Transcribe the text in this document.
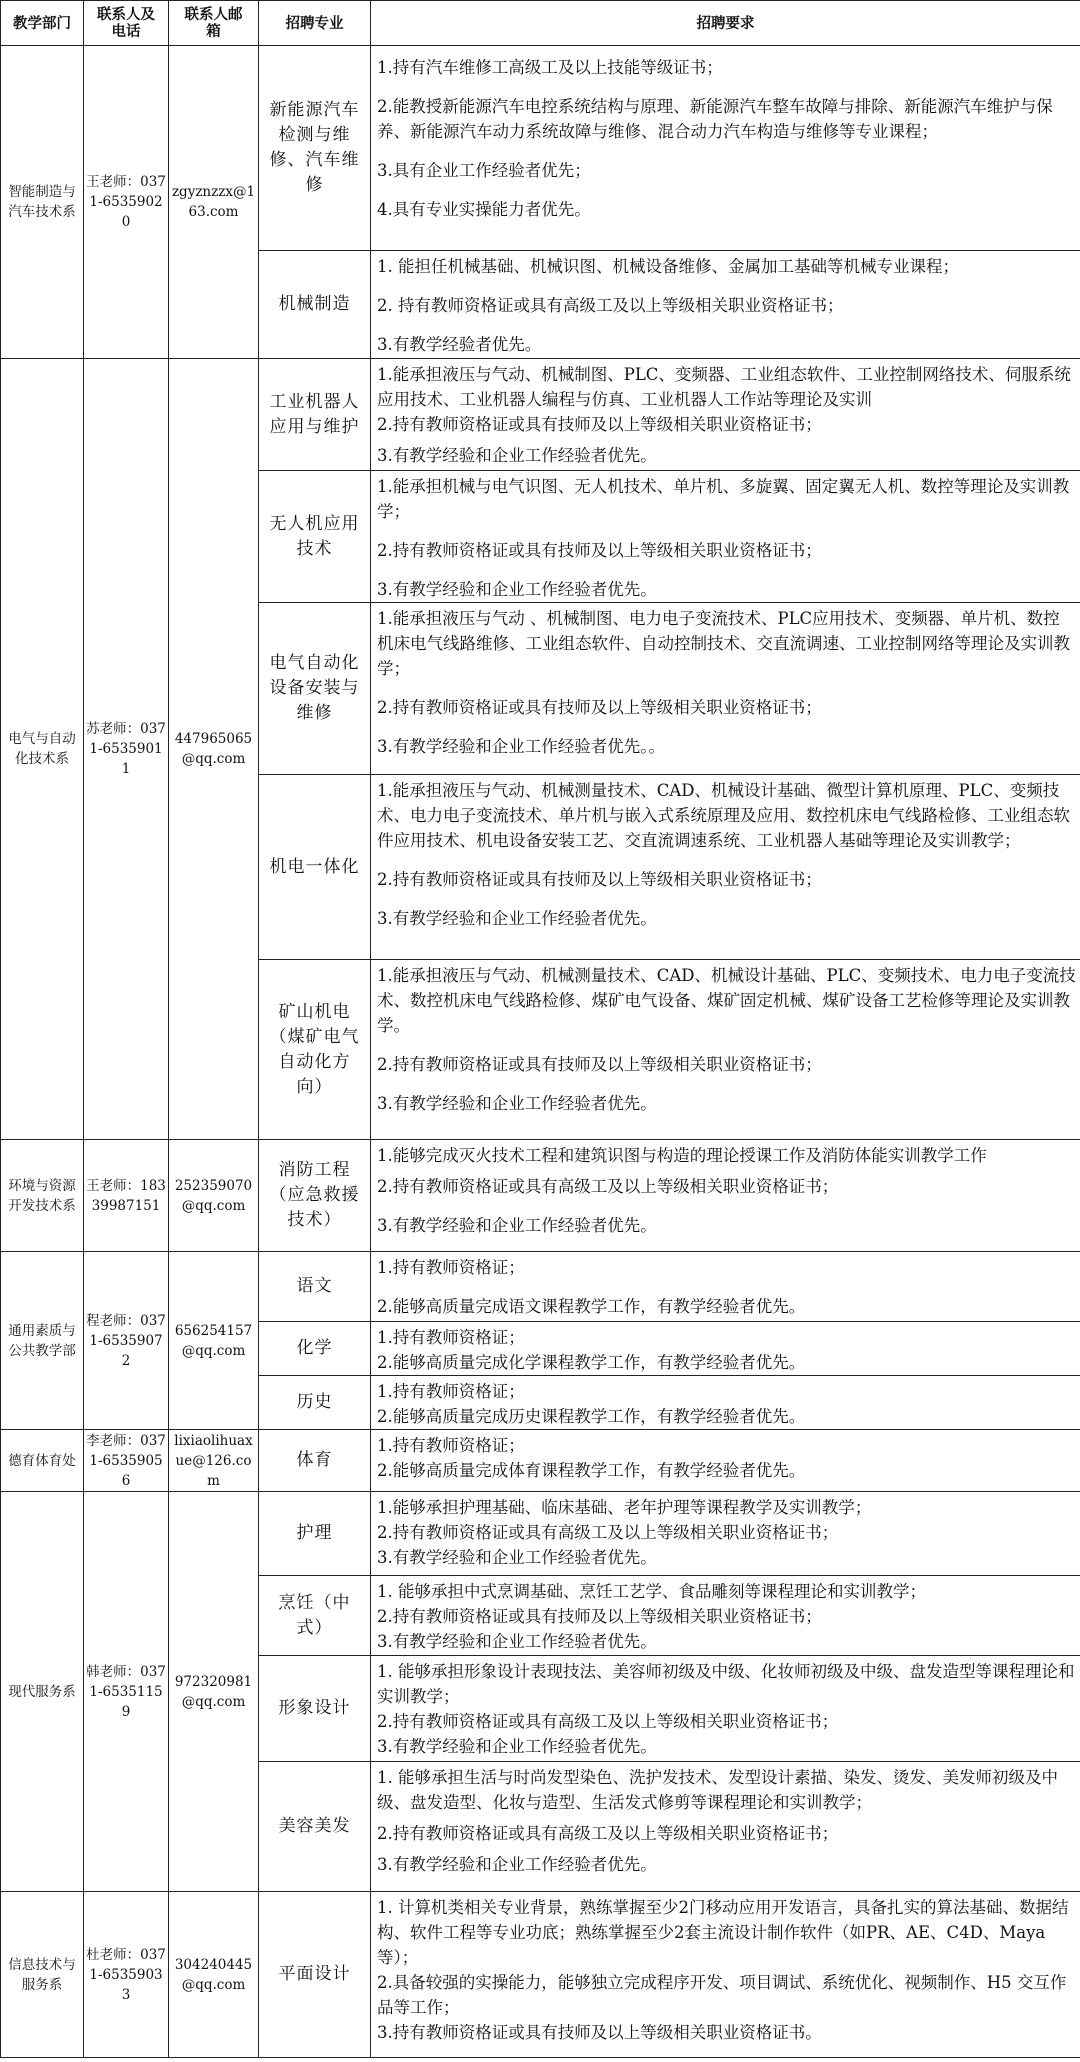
教学部门	联系人及电话	联系人邮箱	招聘专业	招聘要求
智能制造与汽车技术系	王老师：0371-65359020	zgyznzzx@163.com	新能源汽车检测与维修、汽车维修	1.持有汽车维修工高级工及以上技能等级证书；
2.能教授新能源汽车电控系统结构与原理、新能源汽车整车故障与排除、新能源汽车维护与保养、新能源汽车动力系统故障与维修、混合动力汽车构造与维修等专业课程；
3.具有企业工作经验者优先；
4.具有专业实操能力者优先。

			机械制造	1. 能担任机械基础、机械识图、机械设备维修、金属加工基础等机械专业课程；
2. 持有教师资格证或具有高级工及以上等级相关职业资格证书；
3.有教学经验者优先。

电气与自动化技术系	苏老师：0371-65359011	447965065@qq.com	工业机器人应用与维护	1.能承担液压与气动、机械制图、PLC、变频器、工业组态软件、工业控制网络技术、伺服系统应用技术、工业机器人编程与仿真、工业机器人工作站等理论及实训
2.持有教师资格证或具有技师及以上等级相关职业资格证书；
3.有教学经验和企业工作经验者优先。

			无人机应用技术	1.能承担机械与电气识图、无人机技术、单片机、多旋翼、固定翼无人机、数控等理论及实训教学；
2.持有教师资格证或具有技师及以上等级相关职业资格证书；
3.有教学经验和企业工作经验者优先。

			电气自动化设备安装与维修	1.能承担液压与气动 、机械制图、电力电子变流技术、PLC应用技术、变频器、单片机、数控机床电气线路维修、工业组态软件、自动控制技术、交直流调速、工业控制网络等理论及实训教学；
2.持有教师资格证或具有技师及以上等级相关职业资格证书；
3.有教学经验和企业工作经验者优先。。

			机电一体化	1.能承担液压与气动、机械测量技术、CAD、机械设计基础、微型计算机原理、PLC、变频技术、电力电子变流技术、单片机与嵌入式系统原理及应用、数控机床电气线路检修、工业组态软件应用技术、机电设备安装工艺、交直流调速系统、工业机器人基础等理论及实训教学；
2.持有教师资格证或具有技师及以上等级相关职业资格证书；
3.有教学经验和企业工作经验者优先。

			矿山机电（煤矿电气自动化方向）	1.能承担液压与气动、机械测量技术、CAD、机械设计基础、PLC、变频技术、电力电子变流技术、数控机床电气线路检修、煤矿电气设备、煤矿固定机械、煤矿设备工艺检修等理论及实训教学。
2.持有教师资格证或具有技师及以上等级相关职业资格证书；
3.有教学经验和企业工作经验者优先。

环境与资源开发技术系	王老师：18339987151	252359070@qq.com	消防工程（应急救援技术）	1.能够完成灭火技术工程和建筑识图与构造的理论授课工作及消防体能实训教学工作
2.持有教师资格证或具有高级工及以上等级相关职业资格证书；
3.有教学经验和企业工作经验者优先。

通用素质与公共教学部	程老师：0371-65359072	656254157@qq.com	语文	1.持有教师资格证；
2.能够高质量完成语文课程教学工作，有教学经验者优先。

			化学	1.持有教师资格证；
2.能够高质量完成化学课程教学工作，有教学经验者优先。

			历史	1.持有教师资格证；
2.能够高质量完成历史课程教学工作，有教学经验者优先。

德育体育处	李老师：0371-65359056	lixiaolihuaxue@126.com	体育	1.持有教师资格证；
2.能够高质量完成体育课程教学工作，有教学经验者优先。

现代服务系	韩老师：0371-65351159	972320981@qq.com	护理	1.能够承担护理基础、临床基础、老年护理等课程教学及实训教学；
2.持有教师资格证或具有高级工及以上等级相关职业资格证书；
3.有教学经验和企业工作经验者优先。

			烹饪（中式）	1. 能够承担中式烹调基础、烹饪工艺学、食品雕刻等课程理论和实训教学；
2.持有教师资格证或具有技师及以上等级相关职业资格证书；
3.有教学经验和企业工作经验者优先。

			形象设计	1. 能够承担形象设计表现技法、美容师初级及中级、化妆师初级及中级、盘发造型等课程理论和实训教学；
2.持有教师资格证或具有高级工及以上等级相关职业资格证书；
3.有教学经验和企业工作经验者优先。

			美容美发	1. 能够承担生活与时尚发型染色、洗护发技术、发型设计素描、染发、烫发、美发师初级及中级、盘发造型、化妆与造型、生活发式修剪等课程理论和实训教学；
2.持有教师资格证或具有高级工及以上等级相关职业资格证书；
3.有教学经验和企业工作经验者优先。

信息技术与服务系	杜老师：0371-65359033	304240445@qq.com	平面设计	1. 计算机类相关专业背景，熟练掌握至少2门移动应用开发语言，具备扎实的算法基础、数据结构、软件工程等专业功底；熟练掌握至少2套主流设计制作软件（如PR、AE、C4D、Maya等）；
2.具备较强的实操能力，能够独立完成程序开发、项目调试、系统优化、视频制作、H5 交互作品等工作；
3.持有教师资格证或具有技师及以上等级相关职业资格证书。
